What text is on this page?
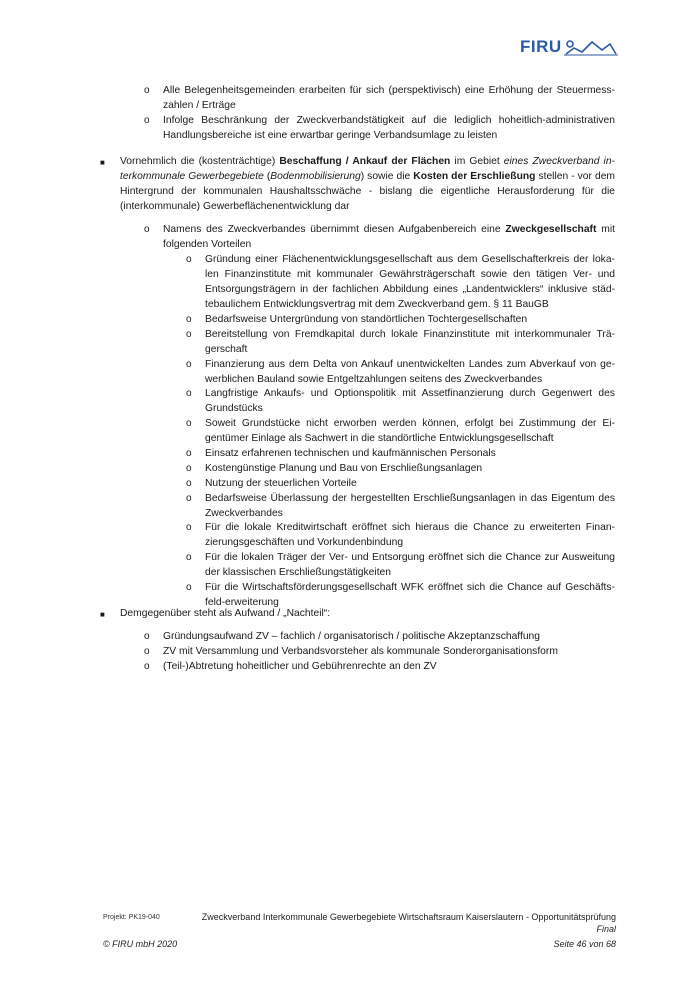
FIRU
o Alle Belegenheitsgemeinden erarbeiten für sich (perspektivisch) eine Erhöhung der Steuermess-zahlen / Erträge
o Infolge Beschränkung der Zweckverbandstätigkeit auf die lediglich hoheitlich-administrativen Handlungsbereiche ist eine erwartbar geringe Verbandsumlage zu leisten
■ Vornehmlich die (kostenträchtige) Beschaffung / Ankauf der Flächen im Gebiet eines Zweckverband in-terkommunale Gewerbegebiete (Bodenmobilisierung) sowie die Kosten der Erschließung stellen - vor dem Hintergrund der kommunalen Haushaltsschwäche - bislang die eigentliche Herausforderung für die (interkommunale) Gewerbeflächenentwicklung dar
o Namens des Zweckverbandes übernimmt diesen Aufgabenbereich eine Zweckgesellschaft mit folgenden Vorteilen
o Gründung einer Flächenentwicklungsgesellschaft aus dem Gesellschafterkreis der loka-len Finanzinstitute mit kommunaler Gewährsträgerschaft sowie den tätigen Ver- und Entsorgungsträgern in der fachlichen Abbildung eines „Landentwicklers“ inklusive städ-tebaulichem Entwicklungsvertrag mit dem Zweckverband gem. § 11 BauGB
o Bedarfsweise Untergründung von standörtlichen Tochtergesellschaften
o Bereitstellung von Fremdkapital durch lokale Finanzinstitute mit interkommunaler Trä-gerschaft
o Finanzierung aus dem Delta von Ankauf unentwickelten Landes zum Abverkauf von ge-werblichen Bauland sowie Entgeltzahlungen seitens des Zweckverbandes
o Langfristige Ankaufs- und Optionspolitik mit Assetfinanzierung durch Gegenwert des Grundstücks
o Soweit Grundstücke nicht erworben werden können, erfolgt bei Zustimmung der Ei-gentümer Einlage als Sachwert in die standörtliche Entwicklungsgesellschaft
o Einsatz erfahrenen technischen und kaufmännischen Personals
o Kostengünstige Planung und Bau von Erschließungsanlagen
o Nutzung der steuerlichen Vorteile
o Bedarfsweise Überlassung der hergestellten Erschließungsanlagen in das Eigentum des Zweckverbandes
o Für die lokale Kreditwirtschaft eröffnet sich hieraus die Chance zu erweiterten Finan-zierungsgeschäften und Vorkundenbindung
o Für die lokalen Träger der Ver- und Entsorgung eröffnet sich die Chance zur Ausweitung der klassischen Erschließungstätigkeiten
o Für die Wirtschaftsförderungsgesellschaft WFK eröffnet sich die Chance auf Geschäfts-feld-erweiterung
■ Demgegenüber steht als Aufwand / „Nachteil“:
o Gründungsaufwand ZV – fachlich / organisatorisch / politische Akzeptanzschaffung
o ZV mit Versammlung und Verbandsvorsteher als kommunale Sonderorganisationsform
o (Teil-)Abtretung hoheitlicher und Gebührenrechte an den ZV
Projekt: PK19-040	Zweckverband Interkommunale Gewerbegebiete Wirtschaftsraum Kaiserslautern - Opportunitätsprüfung
Final
© FIRU mbH 2020	Seite 46 von 68
